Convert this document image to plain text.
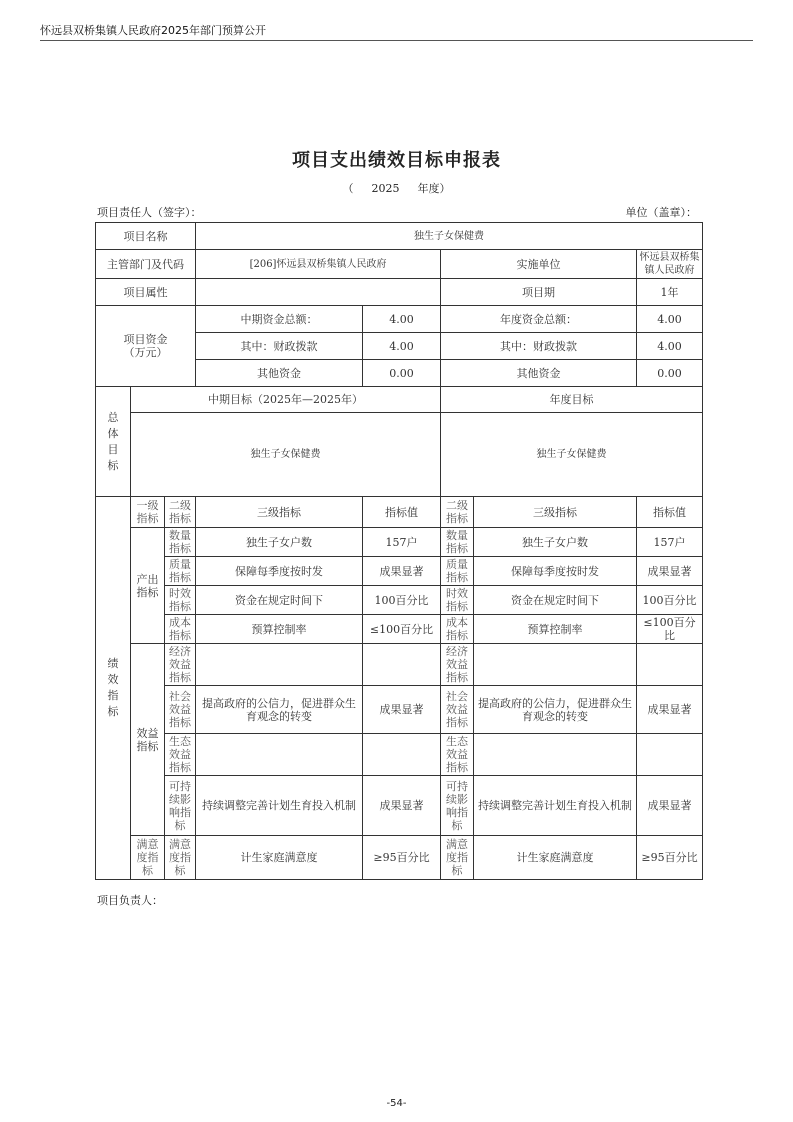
怀远县双桥集镇人民政府2025年部门预算公开
项目支出绩效目标申报表
（ 2025 年度）
项目责任人（签字）：	单位（盖章）：
项目名称			独生子女保健费				
主管部门及代码			[206]怀远县双桥集镇人民政府		实施单位		怀远县双桥集镇人民政府
项目属性					项目期		1年
项目资金
（万元）			中期资金总额：	4.00	年度资金总额：		4.00
			其中：财政拨款	4.00	其中：财政拨款		4.00
			其他资金	0.00	其他资金		0.00
总体目标	中期目标（2025年—2025年）				年度目标		
	独生子女保健费				独生子女保健费		
绩效指标	一级指标	二级指标	三级指标	指标值	二级指标	三级指标	指标值
	产出指标	数量指标	独生子女户数	157户	数量指标	独生子女户数	157户
		质量指标	保障每季度按时发	成果显著	质量指标	保障每季度按时发	成果显著
		时效指标	资金在规定时间下	100百分比	时效指标	资金在规定时间下	100百分比
		成本指标	预算控制率	≤100百分比	成本指标	预算控制率	≤100百分比
	效益指标	经济效益指标			经济效益指标		
		社会效益指标	提高政府的公信力，促进群众生育观念的转变	成果显著	社会效益指标	提高政府的公信力，促进群众生育观念的转变	成果显著
		生态效益指标			生态效益指标		
		可持续影响指标	持续调整完善计划生育投入机制	成果显著	可持续影响指标	持续调整完善计划生育投入机制	成果显著
	满意度指标	满意度指标	计生家庭满意度	≥95百分比	满意度指标	计生家庭满意度	≥95百分比
项目负责人：
-54-
